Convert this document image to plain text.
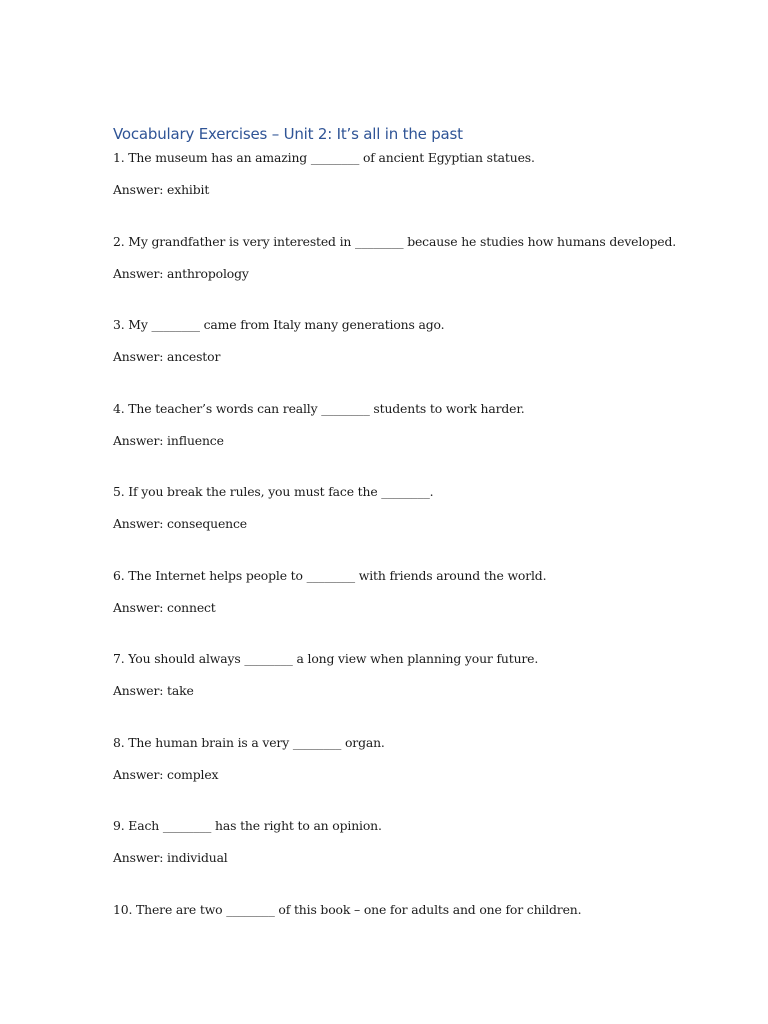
Vocabulary Exercises – Unit 2: It’s all in the past

1. The museum has an amazing ________ of ancient Egyptian statues.

Answer: exhibit

2. My grandfather is very interested in ________ because he studies how humans developed.

Answer: anthropology

3. My ________ came from Italy many generations ago.

Answer: ancestor

4. The teacher’s words can really ________ students to work harder.

Answer: influence

5. If you break the rules, you must face the ________.

Answer: consequence

6. The Internet helps people to ________ with friends around the world.

Answer: connect

7. You should always ________ a long view when planning your future.

Answer: take

8. The human brain is a very ________ organ.

Answer: complex

9. Each ________ has the right to an opinion.

Answer: individual

10. There are two ________ of this book – one for adults and one for children.
